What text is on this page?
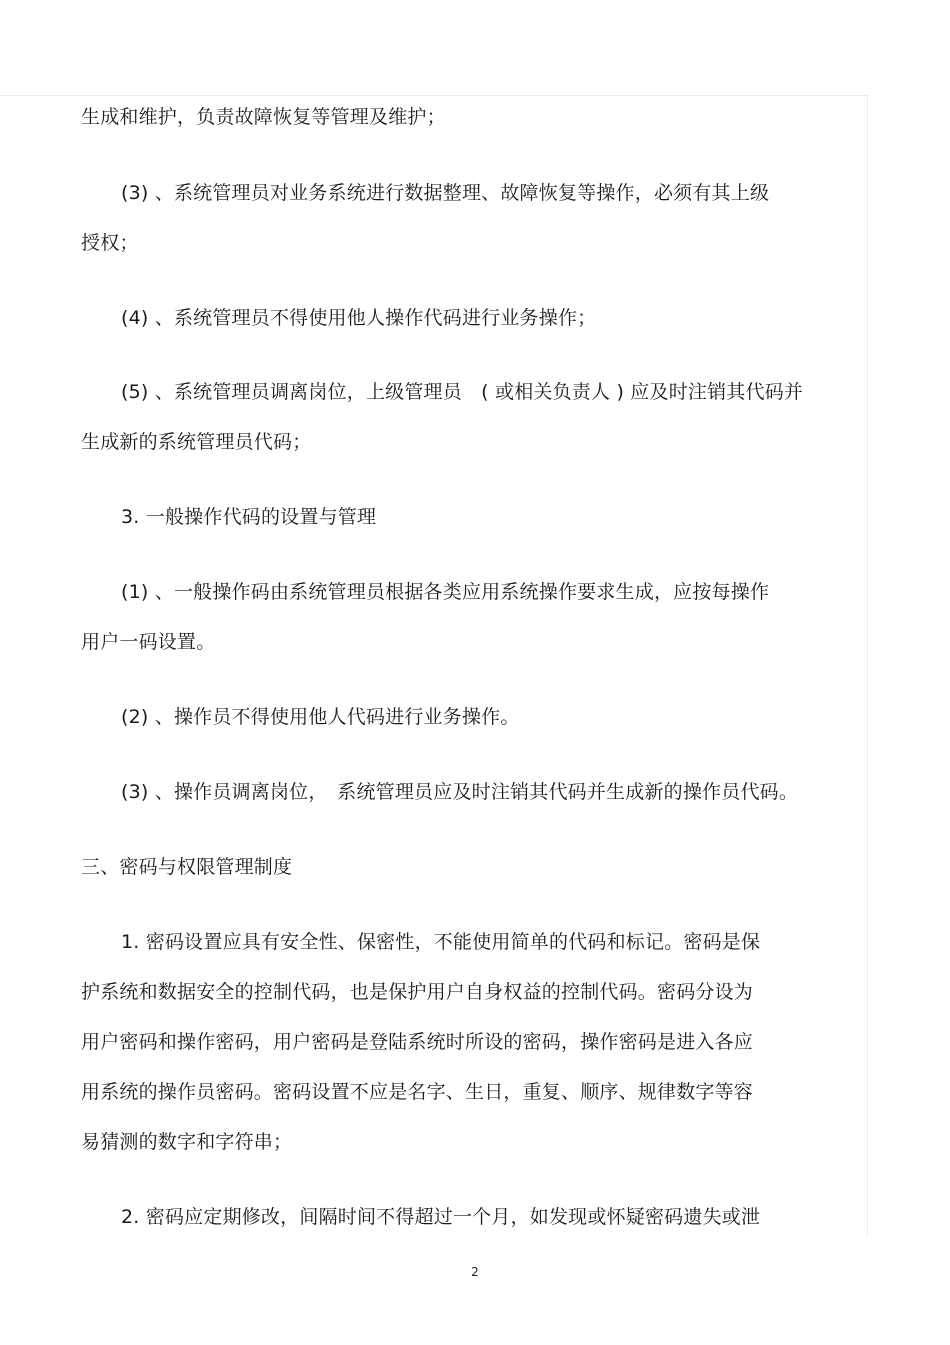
生成和维护，负责故障恢复等管理及维护；
(3) 、系统管理员对业务系统进行数据整理、故障恢复等操作，必须有其上级
授权；
(4) 、系统管理员不得使用他人操作代码进行业务操作；
(5) 、系统管理员调离岗位，上级管理员　( 或相关负责人 ) 应及时注销其代码并
生成新的系统管理员代码；
3. 一般操作代码的设置与管理
(1) 、一般操作码由系统管理员根据各类应用系统操作要求生成，应按每操作
用户一码设置。
(2) 、操作员不得使用他人代码进行业务操作。
(3) 、操作员调离岗位，　系统管理员应及时注销其代码并生成新的操作员代码。
三、密码与权限管理制度
1. 密码设置应具有安全性、保密性，不能使用简单的代码和标记。密码是保
护系统和数据安全的控制代码，也是保护用户自身权益的控制代码。密码分设为
用户密码和操作密码，用户密码是登陆系统时所设的密码，操作密码是进入各应
用系统的操作员密码。密码设置不应是名字、生日，重复、顺序、规律数字等容
易猜测的数字和字符串；
2. 密码应定期修改，间隔时间不得超过一个月，如发现或怀疑密码遗失或泄
2
